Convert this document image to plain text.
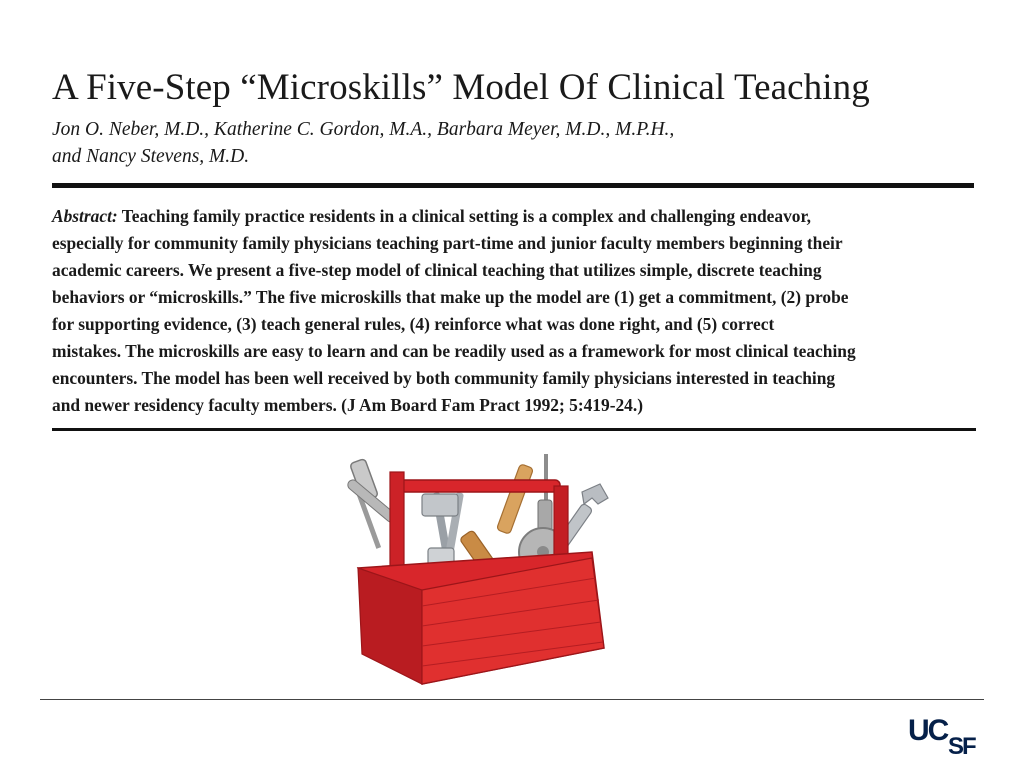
A Five-Step “Microskills” Model Of Clinical Teaching
Jon O. Neber, M.D., Katherine C. Gordon, M.A., Barbara Meyer, M.D., M.P.H.,
and Nancy Stevens, M.D.
Abstract: Teaching family practice residents in a clinical setting is a complex and challenging endeavor,
especially for community family physicians teaching part-time and junior faculty members beginning their
academic careers. We present a five-step model of clinical teaching that utilizes simple, discrete teaching
behaviors or “microskills.” The five microskills that make up the model are (1) get a commitment, (2) probe
for supporting evidence, (3) teach general rules, (4) reinforce what was done right, and (5) correct
mistakes. The microskills are easy to learn and can be readily used as a framework for most clinical teaching
encounters. The model has been well received by both community family physicians interested in teaching
and newer residency faculty members. (J Am Board Fam Pract 1992; 5:419-24.)
UC SF
